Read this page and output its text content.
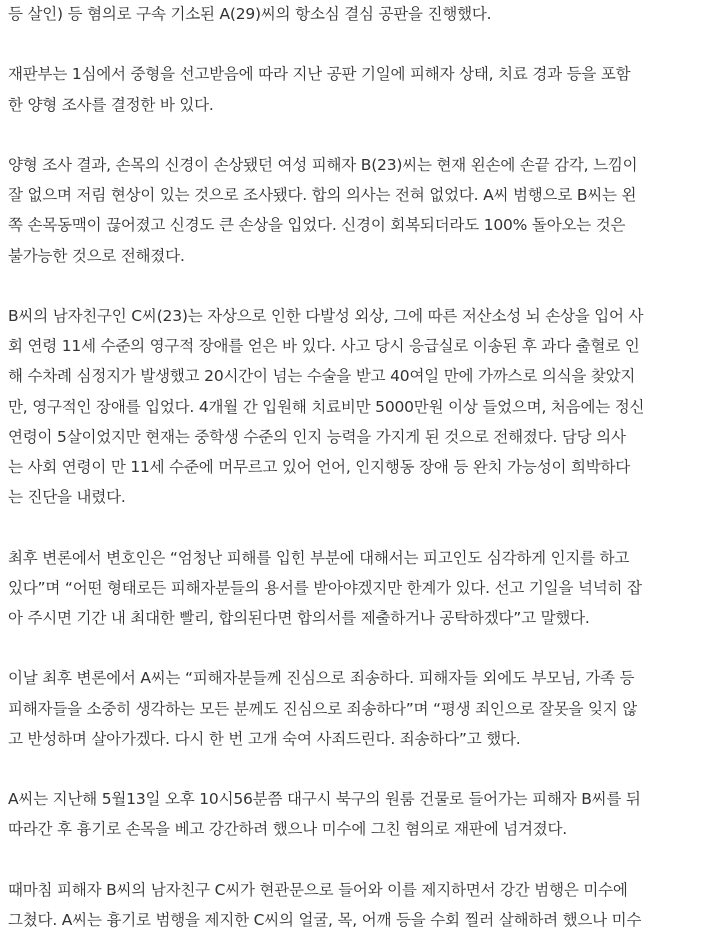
등 살인) 등 혐의로 구속 기소된 A(29)씨의 항소심 결심 공판을 진행했다.

재판부는 1심에서 중형을 선고받음에 따라 지난 공판 기일에 피해자 상태, 치료 경과 등을 포함
한 양형 조사를 결정한 바 있다.

양형 조사 결과, 손목의 신경이 손상됐던 여성 피해자 B(23)씨는 현재 왼손에 손끝 감각, 느낌이
잘 없으며 저림 현상이 있는 것으로 조사됐다. 합의 의사는 전혀 없었다. A씨 범행으로 B씨는 왼
쪽 손목동맥이 끊어졌고 신경도 큰 손상을 입었다. 신경이 회복되더라도 100% 돌아오는 것은
불가능한 것으로 전해졌다.

B씨의 남자친구인 C씨(23)는 자상으로 인한 다발성 외상, 그에 따른 저산소성 뇌 손상을 입어 사
회 연령 11세 수준의 영구적 장애를 얻은 바 있다. 사고 당시 응급실로 이송된 후 과다 출혈로 인
해 수차례 심정지가 발생했고 20시간이 넘는 수술을 받고 40여일 만에 가까스로 의식을 찾았지
만, 영구적인 장애를 입었다. 4개월 간 입원해 치료비만 5000만원 이상 들었으며, 처음에는 정신
연령이 5살이었지만 현재는 중학생 수준의 인지 능력을 가지게 된 것으로 전해졌다. 담당 의사
는 사회 연령이 만 11세 수준에 머무르고 있어 언어, 인지행동 장애 등 완치 가능성이 희박하다
는 진단을 내렸다.

최후 변론에서 변호인은 “엄청난 피해를 입힌 부분에 대해서는 피고인도 심각하게 인지를 하고
있다”며 “어떤 형태로든 피해자분들의 용서를 받아야겠지만 한계가 있다. 선고 기일을 넉넉히 잡
아 주시면 기간 내 최대한 빨리, 합의된다면 합의서를 제출하거나 공탁하겠다”고 말했다.

이날 최후 변론에서 A씨는 “피해자분들께 진심으로 죄송하다. 피해자들 외에도 부모님, 가족 등
피해자들을 소중히 생각하는 모든 분께도 진심으로 죄송하다”며 “평생 죄인으로 잘못을 잊지 않
고 반성하며 살아가겠다. 다시 한 번 고개 숙여 사죄드린다. 죄송하다”고 했다.

A씨는 지난해 5월13일 오후 10시56분쯤 대구시 북구의 원룸 건물로 들어가는 피해자 B씨를 뒤
따라간 후 흉기로 손목을 베고 강간하려 했으나 미수에 그친 혐의로 재판에 넘겨졌다.

때마침 피해자 B씨의 남자친구 C씨가 현관문으로 들어와 이를 제지하면서 강간 범행은 미수에
그쳤다. A씨는 흉기로 범행을 제지한 C씨의 얼굴, 목, 어깨 등을 수회 찔러 살해하려 했으나 미수
